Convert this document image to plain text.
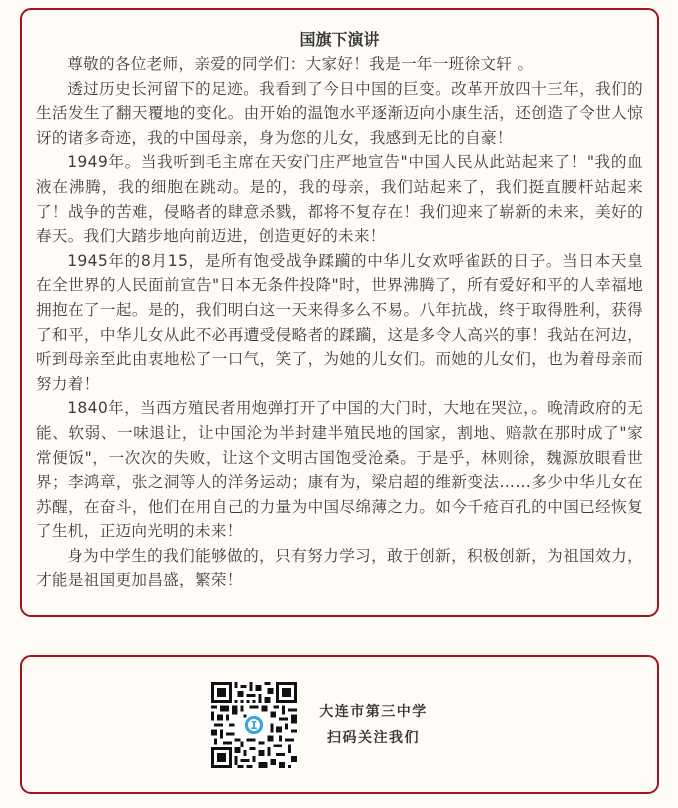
国旗下演讲

尊敬的各位老师，亲爱的同学们：大家好！我是一年一班徐文轩 。

透过历史长河留下的足迹。我看到了今日中国的巨变。改革开放四十三年，我们的生活发生了翻天覆地的变化。由开始的温饱水平逐渐迈向小康生活，还创造了令世人惊讶的诸多奇迹，我的中国母亲，身为您的儿女，我感到无比的自豪！

1949年。当我听到毛主席在天安门庄严地宣告"中国人民从此站起来了！"我的血液在沸腾，我的细胞在跳动。是的，我的母亲，我们站起来了，我们挺直腰杆站起来了！战争的苦难，侵略者的肆意杀戮，都将不复存在！我们迎来了崭新的未来，美好的春天。我们大踏步地向前迈进，创造更好的未来！

1945年的8月15，是所有饱受战争蹂躏的中华儿女欢呼雀跃的日子。当日本天皇在全世界的人民面前宣告"日本无条件投降"时，世界沸腾了，所有爱好和平的人幸福地拥抱在了一起。是的，我们明白这一天来得多么不易。八年抗战，终于取得胜利，获得了和平，中华儿女从此不必再遭受侵略者的蹂躏，这是多令人高兴的事！我站在河边，听到母亲至此由衷地松了一口气，笑了，为她的儿女们。而她的儿女们，也为着母亲而努力着！

1840年，当西方殖民者用炮弹打开了中国的大门时，大地在哭泣，。晚清政府的无能、软弱、一味退让，让中国沦为半封建半殖民地的国家，割地、赔款在那时成了"家常便饭"，一次次的失败，让这个文明古国饱受沧桑。于是乎，林则徐，魏源放眼看世界；李鸿章，张之洞等人的洋务运动；康有为，梁启超的维新变法……多少中华儿女在苏醒，在奋斗，他们在用自己的力量为中国尽绵薄之力。如今千疮百孔的中国已经恢复了生机，正迈向光明的未来！

身为中学生的我们能够做的，只有努力学习，敢于创新，积极创新，为祖国效力，才能是祖国更加昌盛，繁荣！

大连市第三中学
扫码关注我们
